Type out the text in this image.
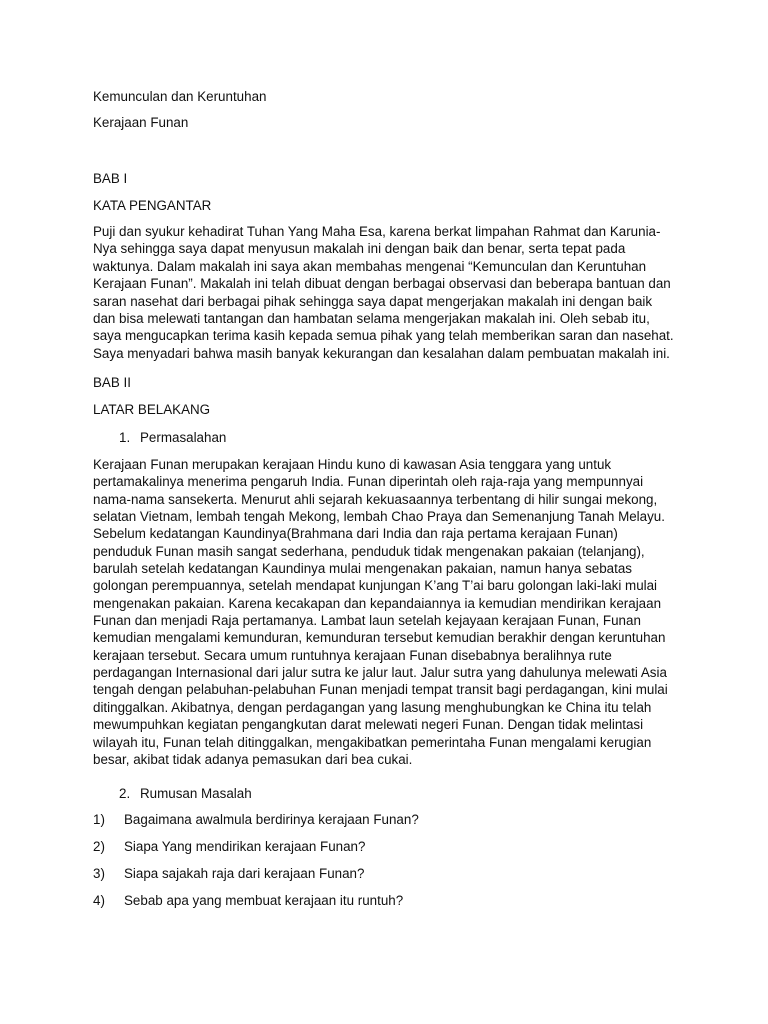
Kemunculan dan Keruntuhan
Kerajaan Funan
BAB I
KATA PENGANTAR
Puji dan syukur kehadirat Tuhan Yang Maha Esa, karena berkat limpahan Rahmat dan Karunia-Nya sehingga saya dapat menyusun makalah ini dengan baik dan benar, serta tepat pada waktunya. Dalam makalah ini saya akan membahas mengenai “Kemunculan dan Keruntuhan Kerajaan Funan”. Makalah ini telah dibuat dengan berbagai observasi dan beberapa bantuan dan saran nasehat dari berbagai pihak sehingga saya dapat mengerjakan makalah ini dengan baik dan bisa melewati tantangan dan hambatan selama mengerjakan makalah ini. Oleh sebab itu, saya mengucapkan terima kasih kepada semua pihak yang telah memberikan saran dan nasehat. Saya menyadari bahwa masih banyak kekurangan dan kesalahan dalam pembuatan makalah ini.
BAB II
LATAR BELAKANG
1. Permasalahan
Kerajaan Funan merupakan kerajaan Hindu kuno di kawasan Asia tenggara yang untuk pertamakalinya menerima pengaruh India. Funan diperintah oleh raja-raja yang mempunnyai nama-nama sansekerta. Menurut ahli sejarah kekuasaannya terbentang di hilir sungai mekong, selatan Vietnam, lembah tengah Mekong, lembah Chao Praya dan Semenanjung Tanah Melayu. Sebelum kedatangan Kaundinya(Brahmana dari India dan raja pertama kerajaan Funan) penduduk Funan masih sangat sederhana, penduduk tidak mengenakan pakaian (telanjang), barulah setelah kedatangan Kaundinya mulai mengenakan pakaian, namun hanya sebatas golongan perempuannya, setelah mendapat kunjungan K’ang T’ai baru golongan laki-laki mulai mengenakan pakaian. Karena kecakapan dan kepandaiannya ia kemudian mendirikan kerajaan Funan dan menjadi Raja pertamanya. Lambat laun setelah kejayaan kerajaan Funan, Funan kemudian mengalami kemunduran, kemunduran tersebut kemudian berakhir dengan keruntuhan kerajaan tersebut. Secara umum runtuhnya kerajaan Funan disebabnya beralihnya rute perdagangan Internasional dari jalur sutra ke jalur laut. Jalur sutra yang dahulunya melewati Asia tengah dengan pelabuhan-pelabuhan Funan menjadi tempat transit bagi perdagangan, kini mulai ditinggalkan. Akibatnya, dengan perdagangan yang lasung menghubungkan ke China itu telah mewumpuhkan kegiatan pengangkutan darat melewati negeri Funan. Dengan tidak melintasi wilayah itu, Funan telah ditinggalkan, mengakibatkan pemerintaha Funan mengalami kerugian besar, akibat tidak adanya pemasukan dari bea cukai.
2. Rumusan Masalah
1) Bagaimana awalmula berdirinya kerajaan Funan?
2) Siapa Yang mendirikan kerajaan Funan?
3) Siapa sajakah raja dari kerajaan Funan?
4) Sebab apa yang membuat kerajaan itu runtuh?
